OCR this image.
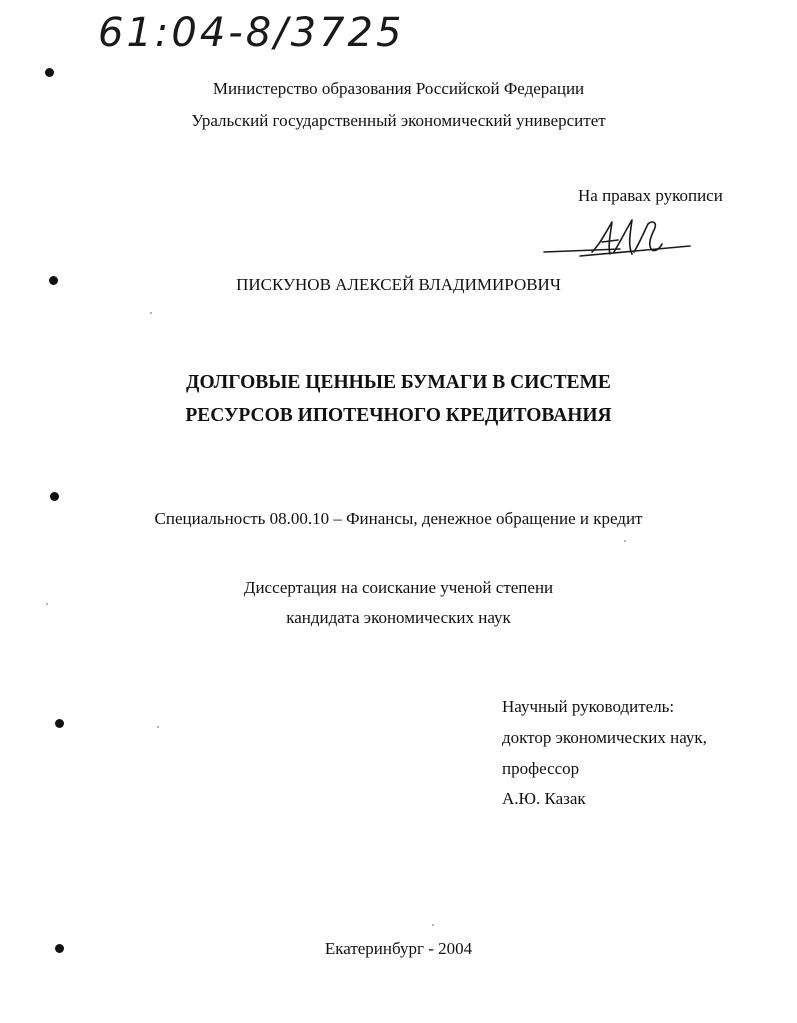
61:04-8/3725
Министерство образования Российской Федерации
Уральский государственный экономический университет
На правах рукописи
ПИСКУНОВ АЛЕКСЕЙ ВЛАДИМИРОВИЧ
ДОЛГОВЫЕ ЦЕННЫЕ БУМАГИ В СИСТЕМЕ
РЕСУРСОВ ИПОТЕЧНОГО КРЕДИТОВАНИЯ
Специальность 08.00.10 – Финансы, денежное обращение и кредит
Диссертация на соискание ученой степени
кандидата экономических наук
Научный руководитель:
доктор экономических наук,
профессор
А.Ю. Казак
Екатеринбург - 2004
